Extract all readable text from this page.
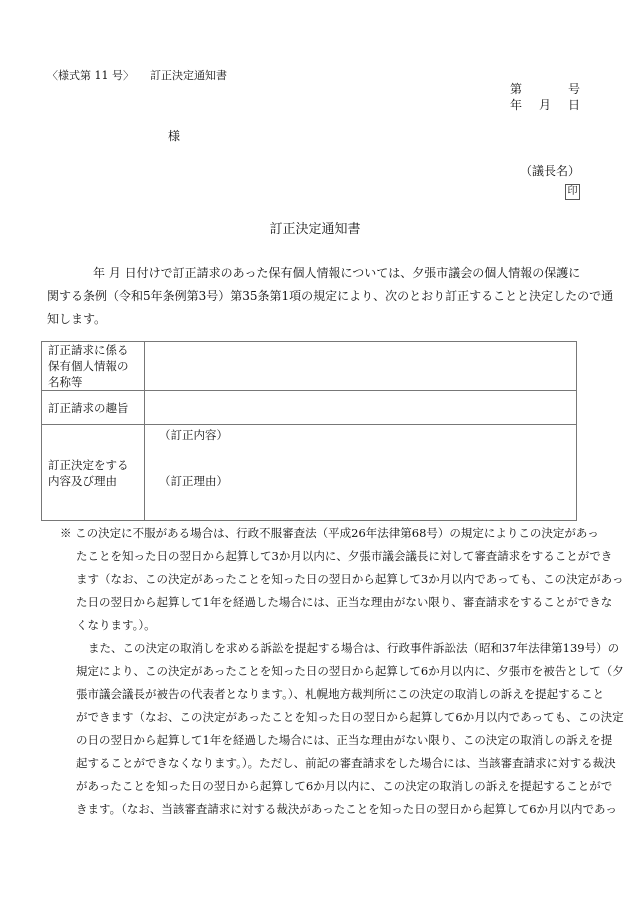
〈様式第 11 号〉 訂正決定通知書
第	号
年 月 日
様
（議長名）
印
訂正決定通知書
年 月 日付けで訂正請求のあった保有個人情報については、夕張市議会の個人情報の保護に
関する条例（令和5年条例第3号）第35条第1項の規定により、次のとおり訂正することと決定したので通
知します。
訂正請求に係る保有個人情報の名称等	
訂正請求の趣旨	
訂正決定をする内容及び理由	（訂正内容）
（訂正理由）
※ この決定に不服がある場合は、行政不服審査法（平成26年法律第68号）の規定によりこの決定があっ
たことを知った日の翌日から起算して3か月以内に、夕張市議会議長に対して審査請求をすることができ
ます（なお、この決定があったことを知った日の翌日から起算して3か月以内であっても、この決定があっ
た日の翌日から起算して1年を経過した場合には、正当な理由がない限り、審査請求をすることができな
くなります。）。
また、この決定の取消しを求める訴訟を提起する場合は、行政事件訴訟法（昭和37年法律第139号）の
規定により、この決定があったことを知った日の翌日から起算して6か月以内に、夕張市を被告として（夕
張市議会議長が被告の代表者となります。）、札幌地方裁判所にこの決定の取消しの訴えを提起すること
ができます（なお、この決定があったことを知った日の翌日から起算して6か月以内であっても、この決定
の日の翌日から起算して1年を経過した場合には、正当な理由がない限り、この決定の取消しの訴えを提
起することができなくなります。）。ただし、前記の審査請求をした場合には、当該審査請求に対する裁決
があったことを知った日の翌日から起算して6か月以内に、この決定の取消しの訴えを提起することがで
きます。（なお、当該審査請求に対する裁決があったことを知った日の翌日から起算して6か月以内であっ
